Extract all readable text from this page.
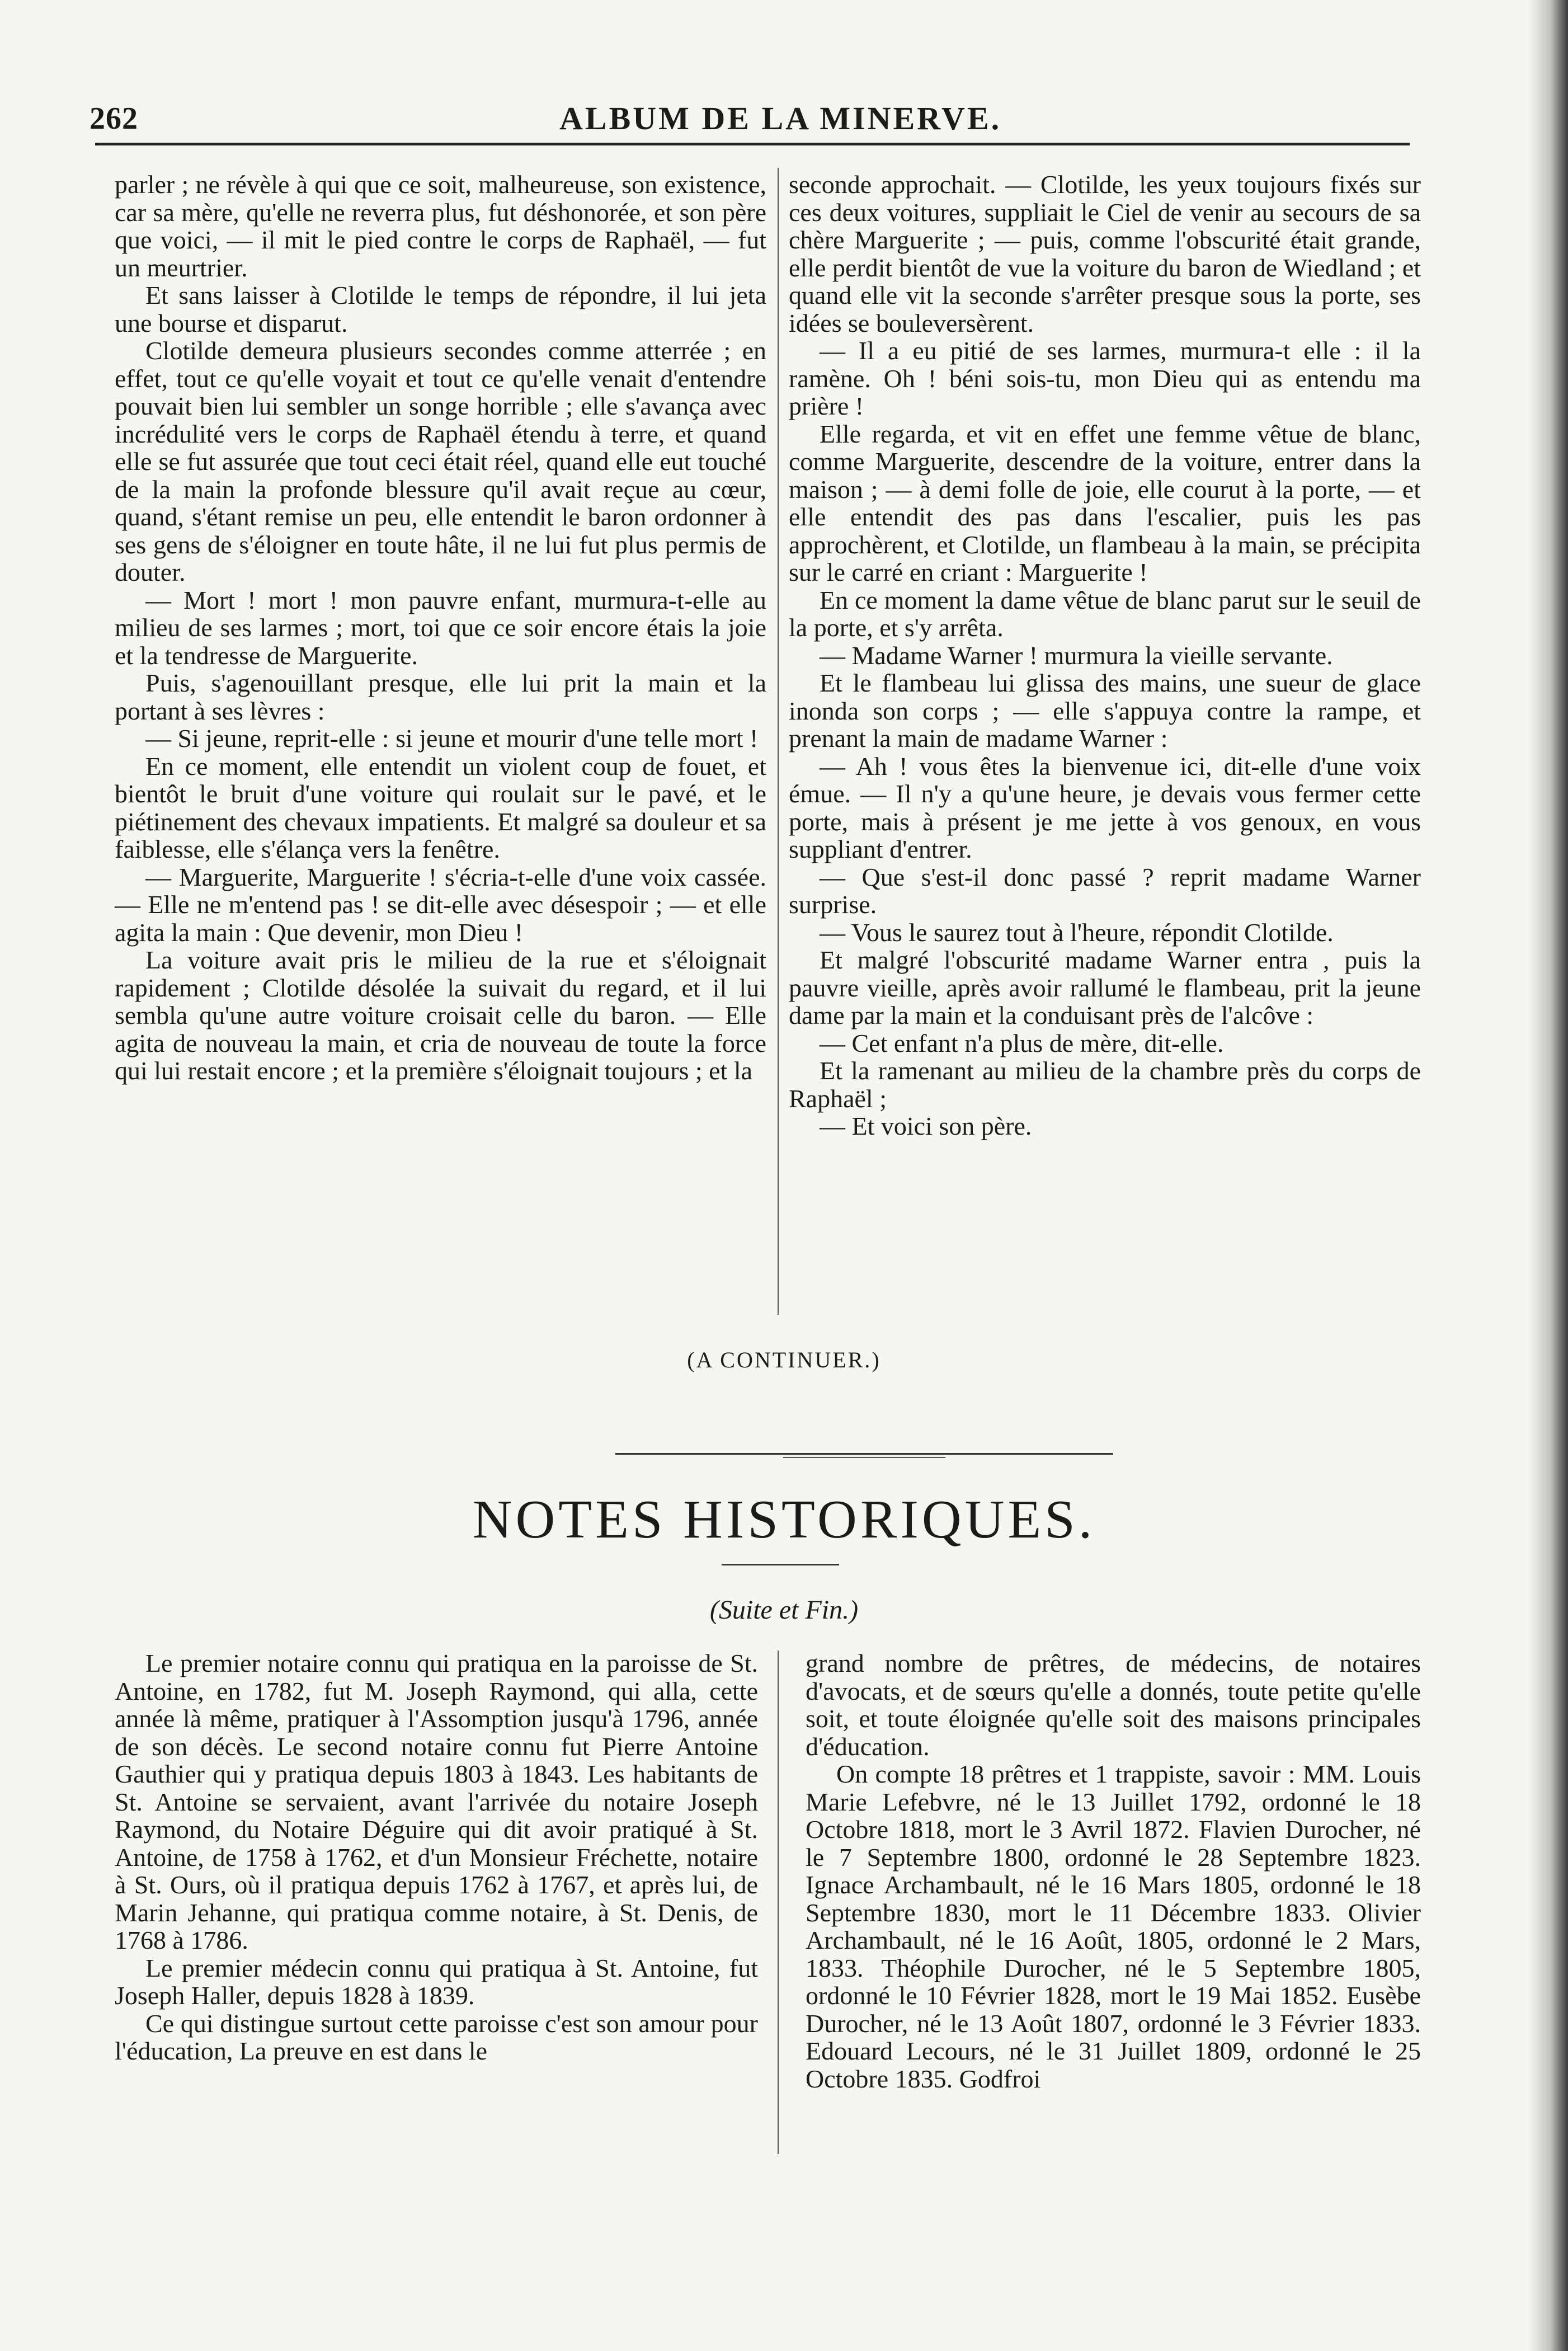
262	ALBUM DE LA MINERVE.

parler ; ne révèle à qui que ce soit, malheureuse, son existence, car sa mère, qu'elle ne reverra plus, fut déshonorée, et son père que voici, — il mit le pied contre le corps de Raphaël, — fut un meurtrier.

Et sans laisser à Clotilde le temps de répondre, il lui jeta une bourse et disparut.

Clotilde demeura plusieurs secondes comme atterrée ; en effet, tout ce qu'elle voyait et tout ce qu'elle venait d'entendre pouvait bien lui sembler un songe horrible ; elle s'avança avec incrédulité vers le corps de Raphaël étendu à terre, et quand elle se fut assurée que tout ceci était réel, quand elle eut touché de la main la profonde blessure qu'il avait reçue au cœur, quand, s'étant remise un peu, elle entendit le baron ordonner à ses gens de s'éloigner en toute hâte, il ne lui fut plus permis de douter.

— Mort ! mort ! mon pauvre enfant, murmura-t-elle au milieu de ses larmes ; mort, toi que ce soir encore étais la joie et la tendresse de Marguerite.

Puis, s'agenouillant presque, elle lui prit la main et la portant à ses lèvres :

— Si jeune, reprit-elle : si jeune et mourir d'une telle mort !

En ce moment, elle entendit un violent coup de fouet, et bientôt le bruit d'une voiture qui roulait sur le pavé, et le piétinement des chevaux impatients. Et malgré sa douleur et sa faiblesse, elle s'élança vers la fenêtre.

— Marguerite, Marguerite ! s'écria-t-elle d'une voix cassée. — Elle ne m'entend pas ! se dit-elle avec désespoir ; — et elle agita la main : Que devenir, mon Dieu !

La voiture avait pris le milieu de la rue et s'éloignait rapidement ; Clotilde désolée la suivait du regard, et il lui sembla qu'une autre voiture croisait celle du baron. — Elle agita de nouveau la main, et cria de nouveau de toute la force qui lui restait encore ; et la première s'éloignait toujours ; et la

seconde approchait. — Clotilde, les yeux toujours fixés sur ces deux voitures, suppliait le Ciel de venir au secours de sa chère Marguerite ; — puis, comme l'obscurité était grande, elle perdit bientôt de vue la voiture du baron de Wiedland ; et quand elle vit la seconde s'arrêter presque sous la porte, ses idées se bouleversèrent.

— Il a eu pitié de ses larmes, murmura-t elle : il la ramène. Oh ! béni sois-tu, mon Dieu qui as entendu ma prière !

Elle regarda, et vit en effet une femme vêtue de blanc, comme Marguerite, descendre de la voiture, entrer dans la maison ; — à demi folle de joie, elle courut à la porte, — et elle entendit des pas dans l'escalier, puis les pas approchèrent, et Clotilde, un flambeau à la main, se précipita sur le carré en criant : Marguerite !

En ce moment la dame vêtue de blanc parut sur le seuil de la porte, et s'y arrêta.

— Madame Warner ! murmura la vieille servante.

Et le flambeau lui glissa des mains, une sueur de glace inonda son corps ; — elle s'appuya contre la rampe, et prenant la main de madame Warner :

— Ah ! vous êtes la bienvenue ici, dit-elle d'une voix émue. — Il n'y a qu'une heure, je devais vous fermer cette porte, mais à présent je me jette à vos genoux, en vous suppliant d'entrer.

— Que s'est-il donc passé ? reprit madame Warner surprise.

— Vous le saurez tout à l'heure, répondit Clotilde.

Et malgré l'obscurité madame Warner entra , puis la pauvre vieille, après avoir rallumé le flambeau, prit la jeune dame par la main et la conduisant près de l'alcôve :

— Cet enfant n'a plus de mère, dit-elle.

Et la ramenant au milieu de la chambre près du corps de Raphaël ;

— Et voici son père.

(A CONTINUER.)
NOTES HISTORIQUES.
(Suite et Fin.)

Le premier notaire connu qui pratiqua en la paroisse de St. Antoine, en 1782, fut M. Joseph Raymond, qui alla, cette année là même, pratiquer à l'Assomption jusqu'à 1796, année de son décès. Le second notaire connu fut Pierre Antoine Gauthier qui y pratiqua depuis 1803 à 1843. Les habitants de St. Antoine se servaient, avant l'arrivée du notaire Joseph Raymond, du Notaire Déguire qui dit avoir pratiqué à St. Antoine, de 1758 à 1762, et d'un Monsieur Fréchette, notaire à St. Ours, où il pratiqua depuis 1762 à 1767, et après lui, de Marin Jehanne, qui pratiqua comme notaire, à St. Denis, de 1768 à 1786.

Le premier médecin connu qui pratiqua à St. Antoine, fut Joseph Haller, depuis 1828 à 1839.

Ce qui distingue surtout cette paroisse c'est son amour pour l'éducation, La preuve en est dans le

grand nombre de prêtres, de médecins, de notaires d'avocats, et de sœurs qu'elle a donnés, toute petite qu'elle soit, et toute éloignée qu'elle soit des maisons principales d'éducation.

On compte 18 prêtres et 1 trappiste, savoir : MM. Louis Marie Lefebvre, né le 13 Juillet 1792, ordonné le 18 Octobre 1818, mort le 3 Avril 1872. Flavien Durocher, né le 7 Septembre 1800, ordonné le 28 Septembre 1823. Ignace Archambault, né le 16 Mars 1805, ordonné le 18 Septembre 1830, mort le 11 Décembre 1833. Olivier Archambault, né le 16 Août, 1805, ordonné le 2 Mars, 1833. Théophile Durocher, né le 5 Septembre 1805, ordonné le 10 Février 1828, mort le 19 Mai 1852. Eusèbe Durocher, né le 13 Août 1807, ordonné le 3 Février 1833. Edouard Lecours, né le 31 Juillet 1809, ordonné le 25 Octobre 1835. Godfroi
